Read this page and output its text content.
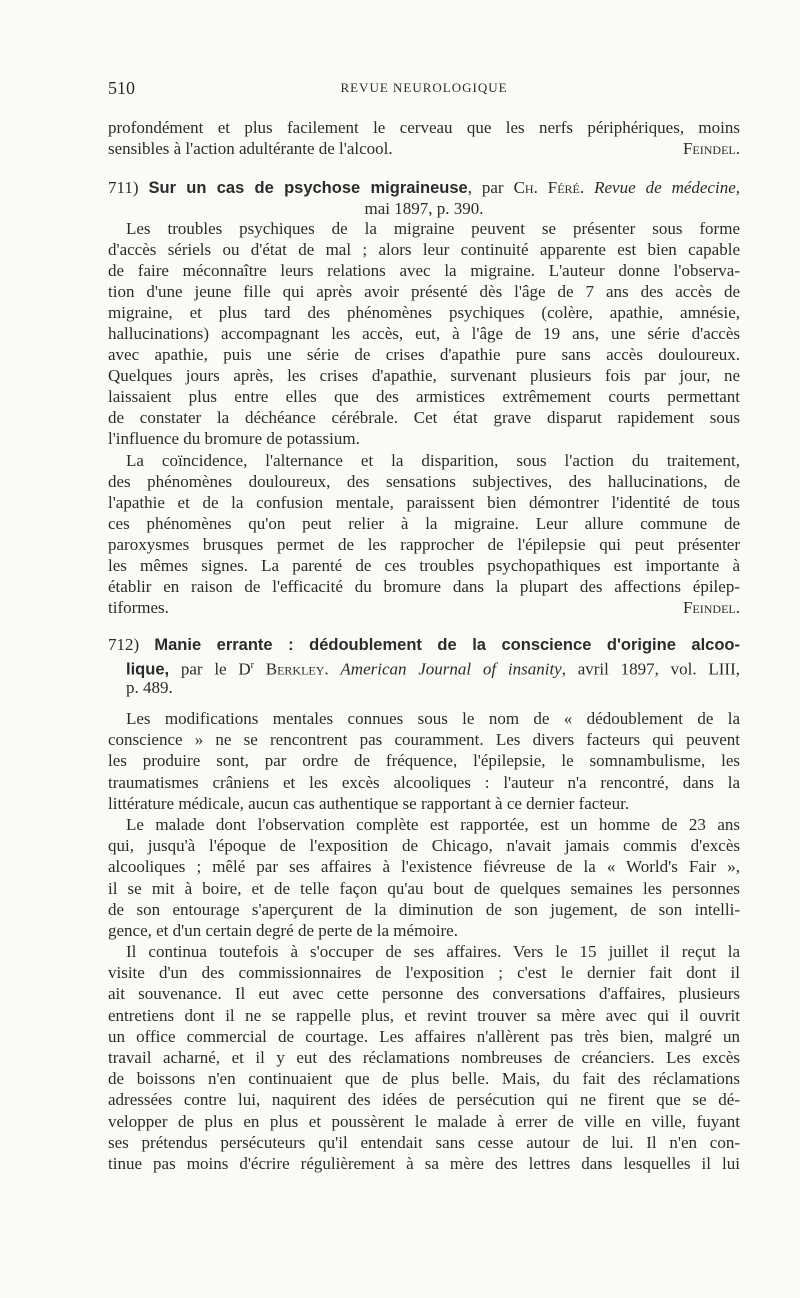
510	REVUE NEUROLOGIQUE
profondément et plus facilement le cerveau que les nerfs périphériques, moins
sensibles à l'action adultérante de l'alcool.	Feindel.
711) Sur un cas de psychose migraineuse, par Ch. Féré. Revue de médecine,
mai 1897, p. 390.
Les troubles psychiques de la migraine peuvent se présenter sous forme
d'accès sériels ou d'état de mal ; alors leur continuité apparente est bien capable
de faire méconnaître leurs relations avec la migraine. L'auteur donne l'observa-
tion d'une jeune fille qui après avoir présenté dès l'âge de 7 ans des accès de
migraine, et plus tard des phénomènes psychiques (colère, apathie, amnésie,
hallucinations) accompagnant les accès, eut, à l'âge de 19 ans, une série d'accès
avec apathie, puis une série de crises d'apathie pure sans accès douloureux.
Quelques jours après, les crises d'apathie, survenant plusieurs fois par jour, ne
laissaient plus entre elles que des armistices extrêmement courts permettant
de constater la déchéance cérébrale. Cet état grave disparut rapidement sous
l'influence du bromure de potassium.
La coïncidence, l'alternance et la disparition, sous l'action du traitement,
des phénomènes douloureux, des sensations subjectives, des hallucinations, de
l'apathie et de la confusion mentale, paraissent bien démontrer l'identité de tous
ces phénomènes qu'on peut relier à la migraine. Leur allure commune de
paroxysmes brusques permet de les rapprocher de l'épilepsie qui peut présenter
les mêmes signes. La parenté de ces troubles psychopathiques est importante à
établir en raison de l'efficacité du bromure dans la plupart des affections épilep-
tiformes.	Feindel.
712) Manie errante : dédoublement de la conscience d'origine alcoo-
lique, par le $D^r$ Berkley. American Journal of insanity, avril 1897, vol. LIII,
p. 489.
Les modifications mentales connues sous le nom de « dédoublement de la
conscience » ne se rencontrent pas couramment. Les divers facteurs qui peuvent
les produire sont, par ordre de fréquence, l'épilepsie, le somnambulisme, les
traumatismes crâniens et les excès alcooliques : l'auteur n'a rencontré, dans la
littérature médicale, aucun cas authentique se rapportant à ce dernier facteur.
Le malade dont l'observation complète est rapportée, est un homme de 23 ans
qui, jusqu'à l'époque de l'exposition de Chicago, n'avait jamais commis d'excès
alcooliques ; mêlé par ses affaires à l'existence fiévreuse de la « World's Fair »,
il se mit à boire, et de telle façon qu'au bout de quelques semaines les personnes
de son entourage s'aperçurent de la diminution de son jugement, de son intelli-
gence, et d'un certain degré de perte de la mémoire.
Il continua toutefois à s'occuper de ses affaires. Vers le 15 juillet il reçut la
visite d'un des commissionnaires de l'exposition ; c'est le dernier fait dont il
ait souvenance. Il eut avec cette personne des conversations d'affaires, plusieurs
entretiens dont il ne se rappelle plus, et revint trouver sa mère avec qui il ouvrit
un office commercial de courtage. Les affaires n'allèrent pas très bien, malgré un
travail acharné, et il y eut des réclamations nombreuses de créanciers. Les excès
de boissons n'en continuaient que de plus belle. Mais, du fait des réclamations
adressées contre lui, naquirent des idées de persécution qui ne firent que se dé-
velopper de plus en plus et poussèrent le malade à errer de ville en ville, fuyant
ses prétendus persécuteurs qu'il entendait sans cesse autour de lui. Il n'en con-
tinue pas moins d'écrire régulièrement à sa mère des lettres dans lesquelles il lui
